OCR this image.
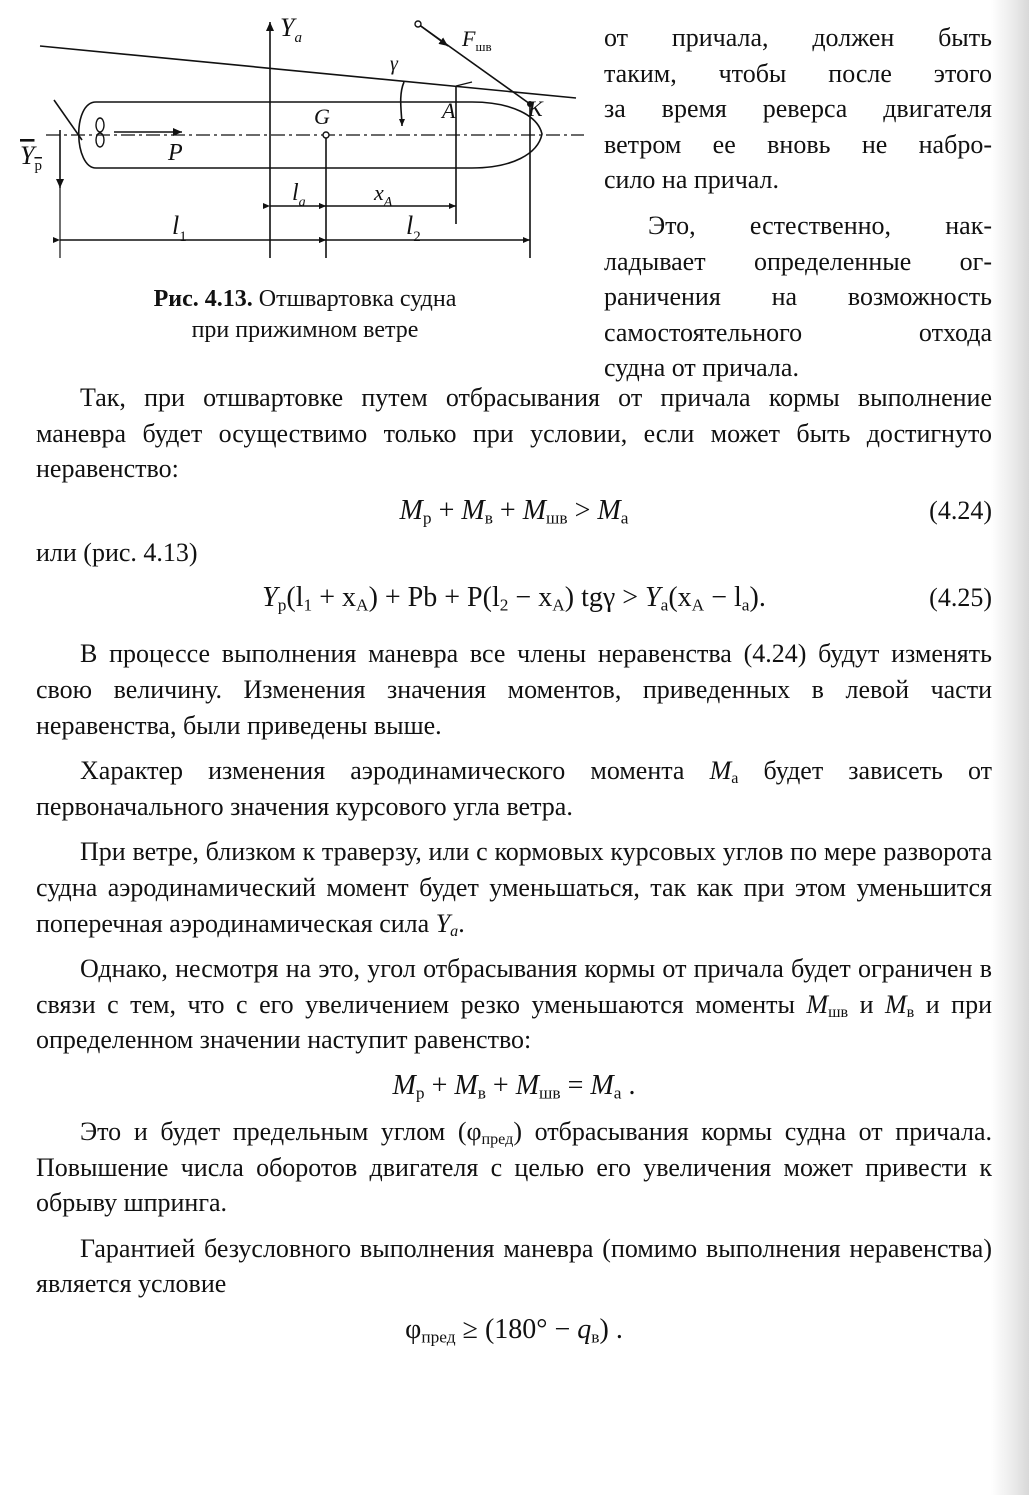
$Y_a$
$Y_р$
G	A	K
P
$F_{шв}$
γ
$l_a$	$x_A$
$l_1$	$l_2$
Рис. 4.13. Отшвартовка судна
при прижимном ветре

от причала, должен быть

таким, чтобы после этого

за время реверса двигателя

ветром ее вновь не набро-

сило на причал.

Это, естественно, нак-

ладывает определенные ог-

раничения на возможность

самостоятельного отхода

судна от причала.

Так, при отшвартовке путем отбрасывания от причала кормы выполнение маневра будет осуществимо только при условии, если может быть достигнуто неравенство:

$M_р + M_в + M_{шв} > M_а$	(4.24)

или (рис. 4.13)

$Y_р(l_1 + x_A) + Pb + P(l_2 - x_A) tg\gamma > Y_a(x_A - l_a)$.	(4.25)

В процессе выполнения маневра все члены неравенства (4.24) будут изменять свою величину. Изменения значения моментов, приведенных в левой части неравенства, были приведены выше.

Характер изменения аэродинамического момента $M_а$ будет зависеть от первоначального значения курсового угла ветра.

При ветре, близком к траверзу, или с кормовых курсовых углов по мере разворота судна аэродинамический момент будет уменьшаться, так как при этом уменьшится поперечная аэродинамическая сила $Y_a$.

Однако, несмотря на это, угол отбрасывания кормы от причала будет ограничен в связи с тем, что с его увеличением резко уменьшаются моменты $M_{шв}$ и $M_в$ и при определенном значении наступит равенство:

$M_р + M_в + M_{шв} = M_а$ .

Это и будет предельным углом $(\varphi_{пред})$ отбрасывания кормы судна от причала. Повышение числа оборотов двигателя с целью его увеличения может привести к обрыву шпринга.

Гарантией безусловного выполнения маневра (помимо выполнения неравенства) является условие

$\varphi_{пред} \ge (180^\circ - q_в)$ .
